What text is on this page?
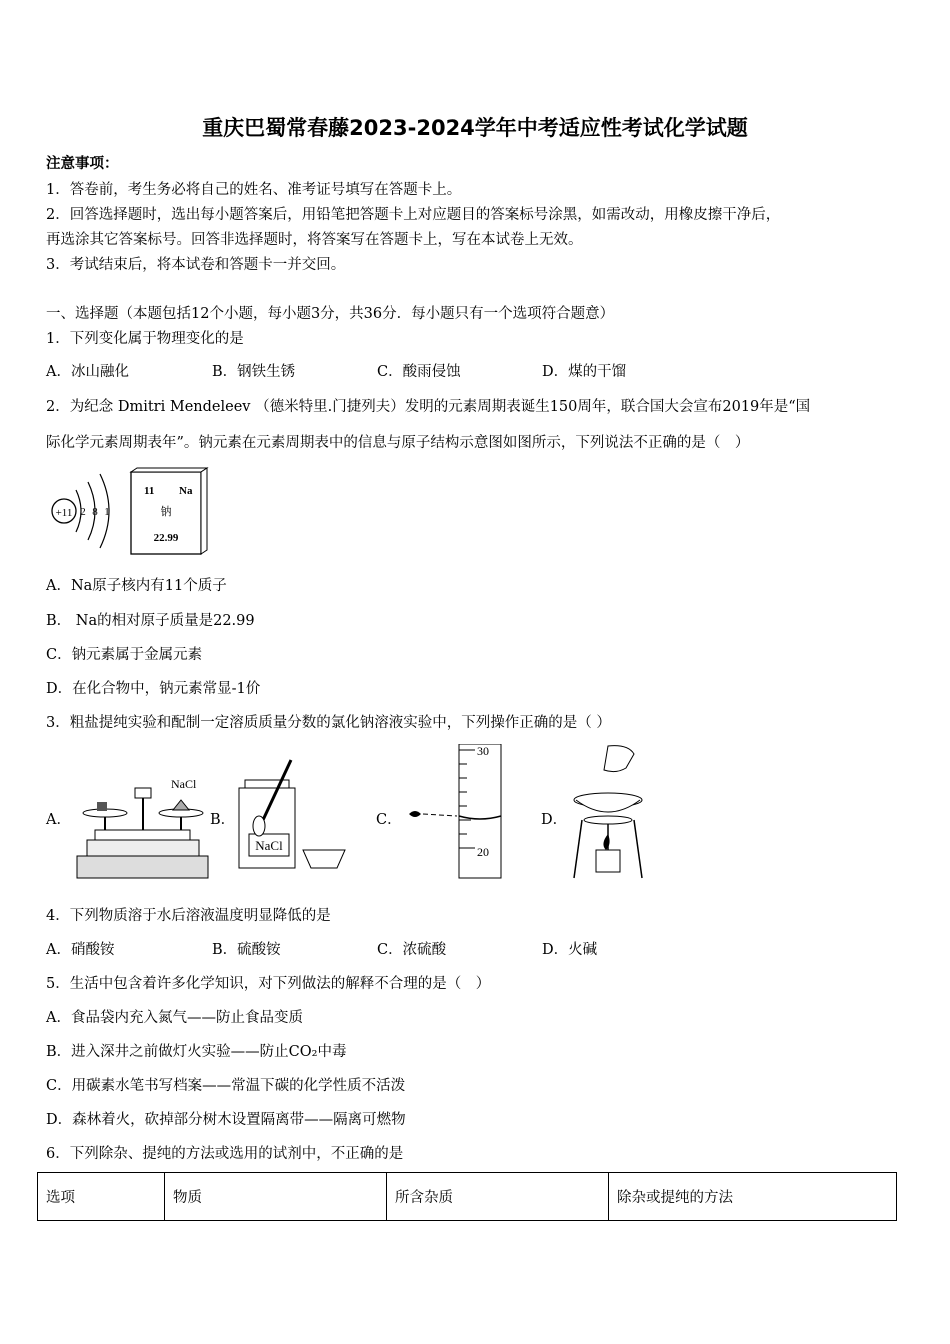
重庆巴蜀常春藤2023-2024学年中考适应性考试化学试题
注意事项：
1．答卷前，考生务必将自己的姓名、准考证号填写在答题卡上。
2．回答选择题时，选出每小题答案后，用铅笔把答题卡上对应题目的答案标号涂黑，如需改动，用橡皮擦干净后，
再选涂其它答案标号。回答非选择题时，将答案写在答题卡上，写在本试卷上无效。
3．考试结束后，将本试卷和答题卡一并交回。
一、选择题（本题包括12个小题，每小题3分，共36分．每小题只有一个选项符合题意）
1．下列变化属于物理变化的是
A．冰山融化	B．钢铁生锈	C．酸雨侵蚀	D．煤的干馏
2．为纪念 Dmitri Mendeleev （德米特里.门捷列夫）发明的元素周期表诞生150周年，联合国大会宣布2019年是“国
际化学元素周期表年”。钠元素在元素周期表中的信息与原子结构示意图如图所示，下列说法不正确的是（　）
+11 2 8 1
11 Na
钠
22.99
A．Na原子核内有11个质子
B． Na的相对原子质量是22.99
C．钠元素属于金属元素
D．在化合物中，钠元素常显-1价
3．粗盐提纯实验和配制一定溶质质量分数的氯化钠溶液实验中，下列操作正确的是（ ）
A．
NaCl
B．
NaCl
C．
30
20
D．
4．下列物质溶于水后溶液温度明显降低的是
A．硝酸铵	B．硫酸铵	C．浓硫酸	D．火碱
5．生活中包含着许多化学知识，对下列做法的解释不合理的是（　）
A．食品袋内充入氮气——防止食品变质
B．进入深井之前做灯火实验——防止CO₂中毒
C．用碳素水笔书写档案——常温下碳的化学性质不活泼
D．森林着火，砍掉部分树木设置隔离带——隔离可燃物
6．下列除杂、提纯的方法或选用的试剂中，不正确的是
选项	物质	所含杂质	除杂或提纯的方法
